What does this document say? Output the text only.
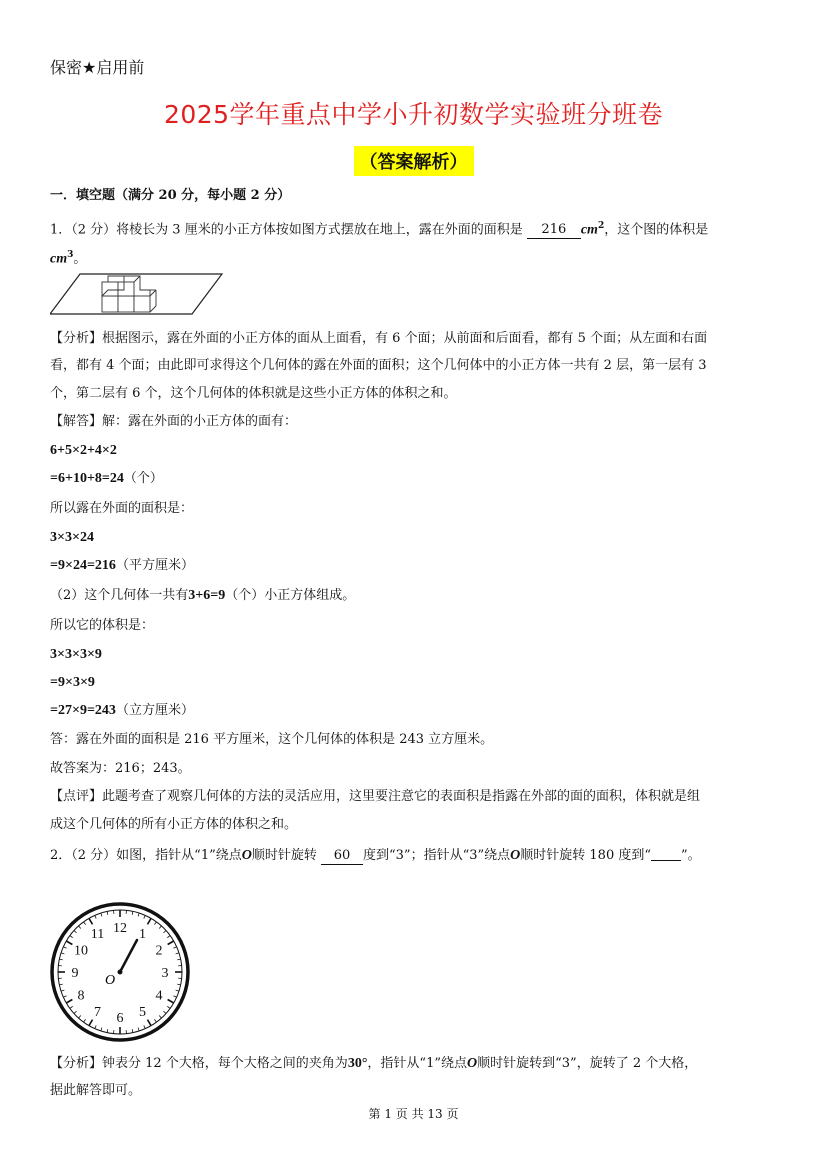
保密★启用前
2025学年重点中学小升初数学实验班分班卷
（答案解析）
一．填空题（满分 20 分，每小题 2 分）
1．（2 分）将棱长为 3 厘米的小正方体按如图方式摆放在地上，露在外面的面积是 216 $cm^2$，这个图的体积是
$cm^3$。
【分析】根据图示，露在外面的小正方体的面从上面看，有 6 个面；从前面和后面看，都有 5 个面；从左面和右面
看，都有 4 个面；由此即可求得这个几何体的露在外面的面积；这个几何体中的小正方体一共有 2 层，第一层有 3
个，第二层有 6 个，这个几何体的体积就是这些小正方体的体积之和。
【解答】解：露在外面的小正方体的面有：
6+5×2+4×2
=6+10+8=24（个）
所以露在外面的面积是：
3×3×24
=9×24=216（平方厘米）
（2）这个几何体一共有3+6=9（个）小正方体组成。
所以它的体积是：
3×3×3×9
=9×3×9
=27×9=243（立方厘米）
答：露在外面的面积是 216 平方厘米，这个几何体的体积是 243 立方厘米。
故答案为：216；243。
【点评】此题考查了观察几何体的方法的灵活应用，这里要注意它的表面积是指露在外部的面的面积，体积就是组
成这个几何体的所有小正方体的体积之和。
2．（2 分）如图，指针从“1”绕点O顺时针旋转 60 度到“3”；指针从“3”绕点O顺时针旋转 180 度到“ ”。
12 1
2
3
4
5
6
7
8
9
10
11
O
【分析】钟表分 12 个大格，每个大格之间的夹角为30°，指针从“1”绕点O顺时针旋转到“3”，旋转了 2 个大格，
据此解答即可。
第 1 页 共 13 页
